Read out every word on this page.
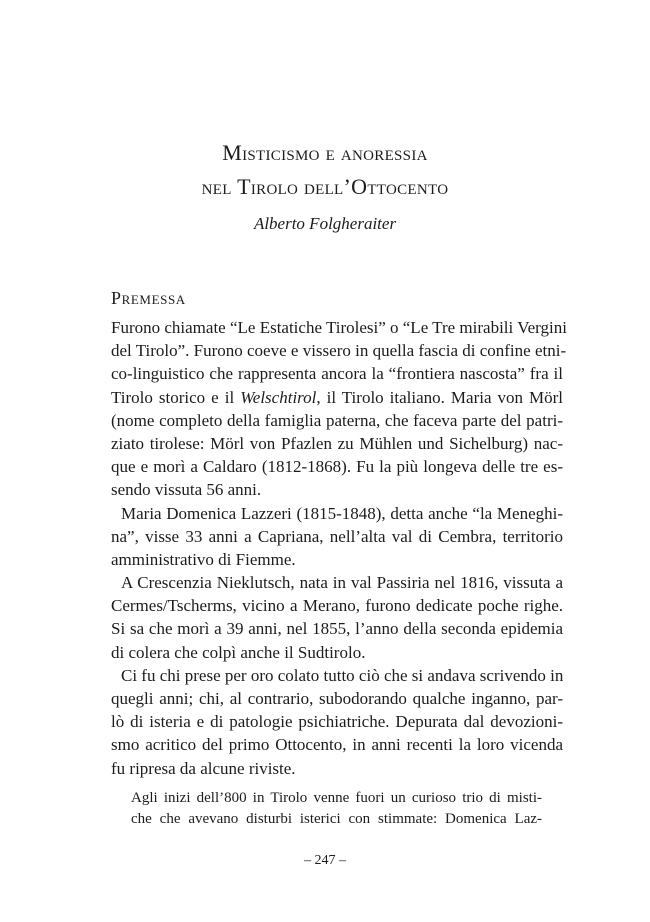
Misticismo e anoressia
nel Tirolo dell’Ottocento
Alberto Folgheraiter
Premessa
Furono chiamate “Le Estatiche Tirolesi” o “Le Tre mirabili Vergini
del Tirolo”. Furono coeve e vissero in quella fascia di confine etni-
co-linguistico che rappresenta ancora la “frontiera nascosta” fra il
Tirolo storico e il Welschtirol, il Tirolo italiano. Maria von Mörl
(nome completo della famiglia paterna, che faceva parte del patri-
ziato tirolese: Mörl von Pfazlen zu Mühlen und Sichelburg) nac-
que e morì a Caldaro (1812-1868). Fu la più longeva delle tre es-
sendo vissuta 56 anni.
Maria Domenica Lazzeri (1815-1848), detta anche “la Meneghi-
na”, visse 33 anni a Capriana, nell’alta val di Cembra, territorio
amministrativo di Fiemme.
A Crescenzia Nieklutsch, nata in val Passiria nel 1816, vissuta a
Cermes/Tscherms, vicino a Merano, furono dedicate poche righe.
Si sa che morì a 39 anni, nel 1855, l’anno della seconda epidemia
di colera che colpì anche il Sudtirolo.
Ci fu chi prese per oro colato tutto ciò che si andava scrivendo in
quegli anni; chi, al contrario, subodorando qualche inganno, par-
lò di isteria e di patologie psichiatriche. Depurata dal devozioni-
smo acritico del primo Ottocento, in anni recenti la loro vicenda
fu ripresa da alcune riviste.
Agli inizi dell’800 in Tirolo venne fuori un curioso trio di misti-
che che avevano disturbi isterici con stimmate: Domenica Laz-
– 247 –
